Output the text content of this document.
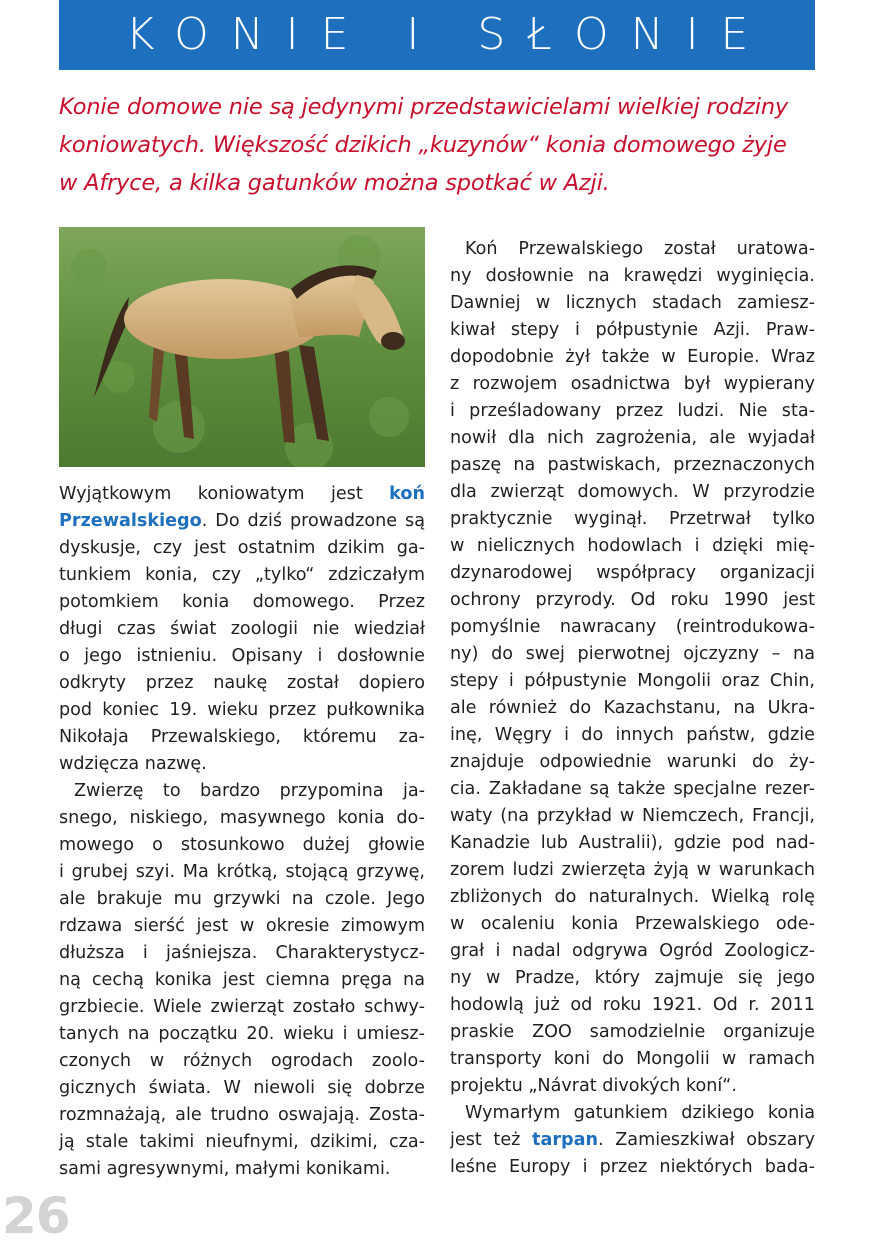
KONIE I SŁONIE
Konie domowe nie są jedynymi przedstawicielami wielkiej rodziny
koniowatych. Większość dzikich „kuzynów“ konia domowego żyje
w Afryce, a kilka gatunków można spotkać w Azji.
Wyjątkowym koniowatym jest koń
Przewalskiego. Do dziś prowadzone są
dyskusje, czy jest ostatnim dzikim ga-
tunkiem konia, czy „tylko“ zdziczałym
potomkiem konia domowego. Przez
długi czas świat zoologii nie wiedział
o jego istnieniu. Opisany i dosłownie
odkryty przez naukę został dopiero
pod koniec 19. wieku przez pułkownika
Nikołaja Przewalskiego, któremu za-
wdzięcza nazwę.
Zwierzę to bardzo przypomina ja-
snego, niskiego, masywnego konia do-
mowego o stosunkowo dużej głowie
i grubej szyi. Ma krótką, stojącą grzywę,
ale brakuje mu grzywki na czole. Jego
rdzawa sierść jest w okresie zimowym
dłuższa i jaśniejsza. Charakterystycz-
ną cechą konika jest ciemna pręga na
grzbiecie. Wiele zwierząt zostało schwy-
tanych na początku 20. wieku i umiesz-
czonych w różnych ogrodach zoolo-
gicznych świata. W niewoli się dobrze
rozmnażają, ale trudno oswajają. Zosta-
ją stale takimi nieufnymi, dzikimi, cza-
sami agresywnymi, małymi konikami.
Koń Przewalskiego został uratowa-
ny dosłownie na krawędzi wyginięcia.
Dawniej w licznych stadach zamiesz-
kiwał stepy i półpustynie Azji. Praw-
dopodobnie żył także w Europie. Wraz
z rozwojem osadnictwa był wypierany
i prześladowany przez ludzi. Nie sta-
nowił dla nich zagrożenia, ale wyjadał
paszę na pastwiskach, przeznaczonych
dla zwierząt domowych. W przyrodzie
praktycznie wyginął. Przetrwał tylko
w nielicznych hodowlach i dzięki mię-
dzynarodowej współpracy organizacji
ochrony przyrody. Od roku 1990 jest
pomyślnie nawracany (reintrodukowa-
ny) do swej pierwotnej ojczyzny – na
stepy i półpustynie Mongolii oraz Chin,
ale również do Kazachstanu, na Ukra-
inę, Węgry i do innych państw, gdzie
znajduje odpowiednie warunki do ży-
cia. Zakładane są także specjalne rezer-
waty (na przykład w Niemczech, Francji,
Kanadzie lub Australii), gdzie pod nad-
zorem ludzi zwierzęta żyją w warunkach
zbliżonych do naturalnych. Wielką rolę
w ocaleniu konia Przewalskiego ode-
grał i nadal odgrywa Ogród Zoologicz-
ny w Pradze, który zajmuje się jego
hodowlą już od roku 1921. Od r. 2011
praskie ZOO samodzielnie organizuje
transporty koni do Mongolii w ramach
projektu „Návrat divokých koní“.
Wymarłym gatunkiem dzikiego konia
jest też tarpan. Zamieszkiwał obszary
leśne Europy i przez niektórych bada-
26
